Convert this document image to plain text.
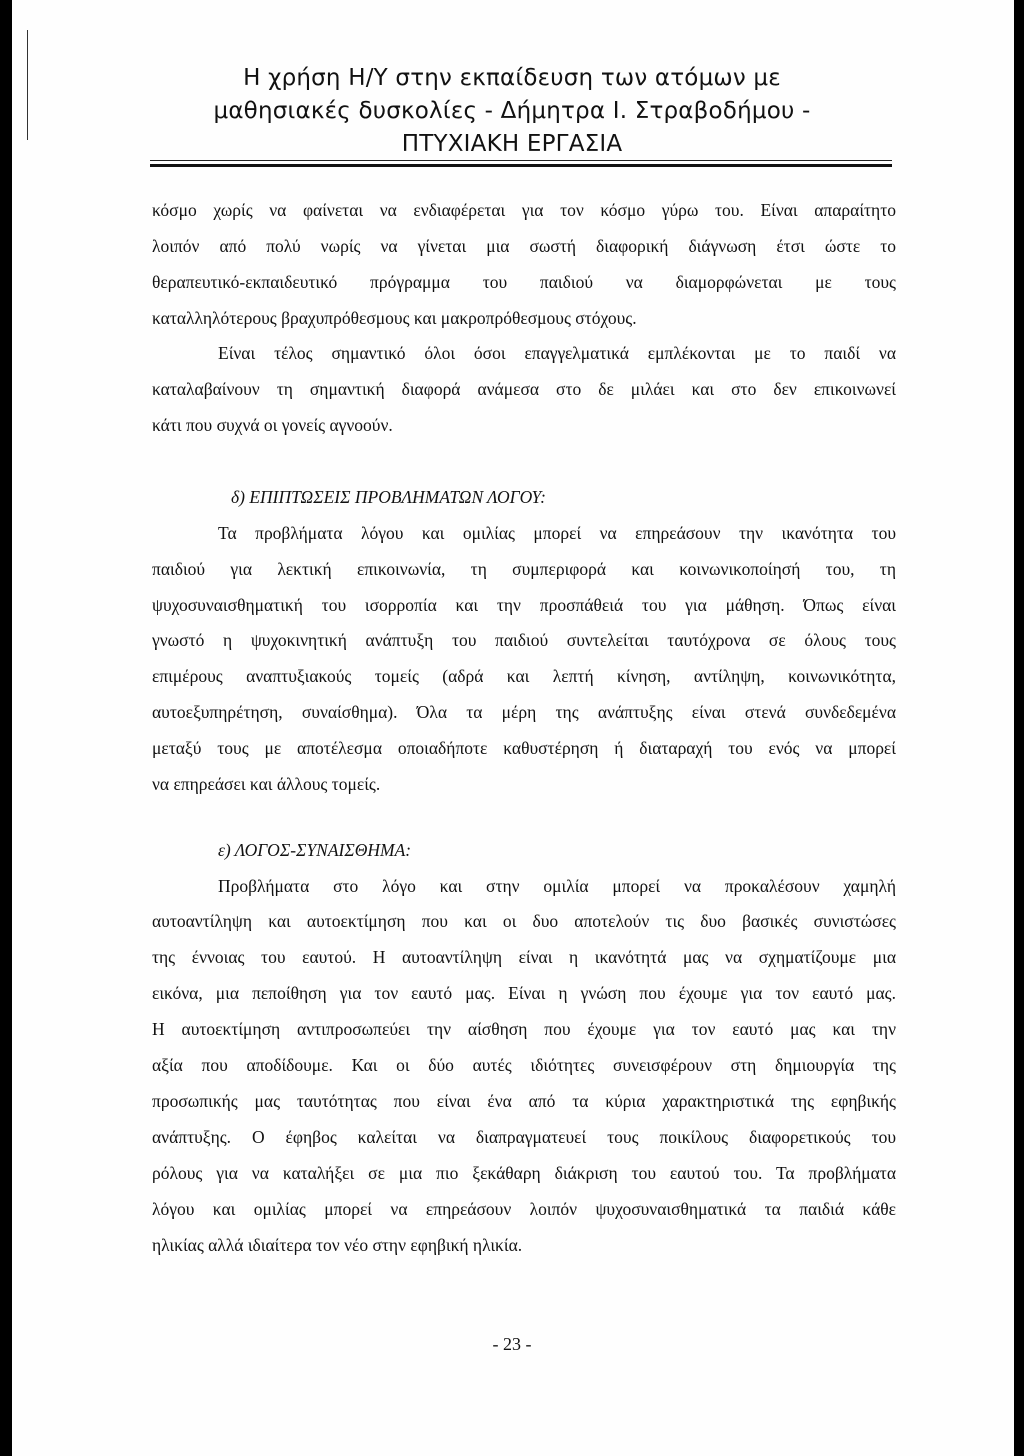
Η χρήση Η/Υ στην εκπαίδευση των ατόμων με
μαθησιακές δυσκολίες - Δήμητρα Ι. Στραβοδήμου -
ΠΤΥΧΙΑΚΗ ΕΡΓΑΣΙΑ
κόσμο χωρίς να φαίνεται να ενδιαφέρεται για τον κόσμο γύρω του. Είναι απαραίτητο
λοιπόν από πολύ νωρίς να γίνεται μια σωστή διαφορική διάγνωση έτσι ώστε το
θεραπευτικό-εκπαιδευτικό πρόγραμμα του παιδιού να διαμορφώνεται με τους
καταλληλότερους βραχυπρόθεσμους και μακροπρόθεσμους στόχους.
Είναι τέλος σημαντικό όλοι όσοι επαγγελματικά εμπλέκονται με το παιδί να
καταλαβαίνουν τη σημαντική διαφορά ανάμεσα στο δε μιλάει και στο δεν επικοινωνεί
κάτι που συχνά οι γονείς αγνοούν.
δ) ΕΠΙΠΤΩΣΕΙΣ ΠΡΟΒΛΗΜΑΤΩΝ ΛΟΓΟΥ:
Τα προβλήματα λόγου και ομιλίας μπορεί να επηρεάσουν την ικανότητα του
παιδιού για λεκτική επικοινωνία, τη συμπεριφορά και κοινωνικοποίησή του, τη
ψυχοσυναισθηματική του ισορροπία και την προσπάθειά του για μάθηση. Όπως είναι
γνωστό η ψυχοκινητική ανάπτυξη του παιδιού συντελείται ταυτόχρονα σε όλους τους
επιμέρους αναπτυξιακούς τομείς (αδρά και λεπτή κίνηση, αντίληψη, κοινωνικότητα,
αυτοεξυπηρέτηση, συναίσθημα). Όλα τα μέρη της ανάπτυξης είναι στενά συνδεδεμένα
μεταξύ τους με αποτέλεσμα οποιαδήποτε καθυστέρηση ή διαταραχή του ενός να μπορεί
να επηρεάσει και άλλους τομείς.
ε) ΛΟΓΟΣ-ΣΥΝΑΙΣΘΗΜΑ:
Προβλήματα στο λόγο και στην ομιλία μπορεί να προκαλέσουν χαμηλή
αυτοαντίληψη και αυτοεκτίμηση που και οι δυο αποτελούν τις δυο βασικές συνιστώσες
της έννοιας του εαυτού. Η αυτοαντίληψη είναι η ικανότητά μας να σχηματίζουμε μια
εικόνα, μια πεποίθηση για τον εαυτό μας. Είναι η γνώση που έχουμε για τον εαυτό μας.
Η αυτοεκτίμηση αντιπροσωπεύει την αίσθηση που έχουμε για τον εαυτό μας και την
αξία που αποδίδουμε. Και οι δύο αυτές ιδιότητες συνεισφέρουν στη δημιουργία της
προσωπικής μας ταυτότητας που είναι ένα από τα κύρια χαρακτηριστικά της εφηβικής
ανάπτυξης. Ο έφηβος καλείται να διαπραγματευεί τους ποικίλους διαφορετικούς του
ρόλους για να καταλήξει σε μια πιο ξεκάθαρη διάκριση του εαυτού του. Τα προβλήματα
λόγου και ομιλίας μπορεί να επηρεάσουν λοιπόν ψυχοσυναισθηματικά τα παιδιά κάθε
ηλικίας αλλά ιδιαίτερα τον νέο στην εφηβική ηλικία.
- 23 -
